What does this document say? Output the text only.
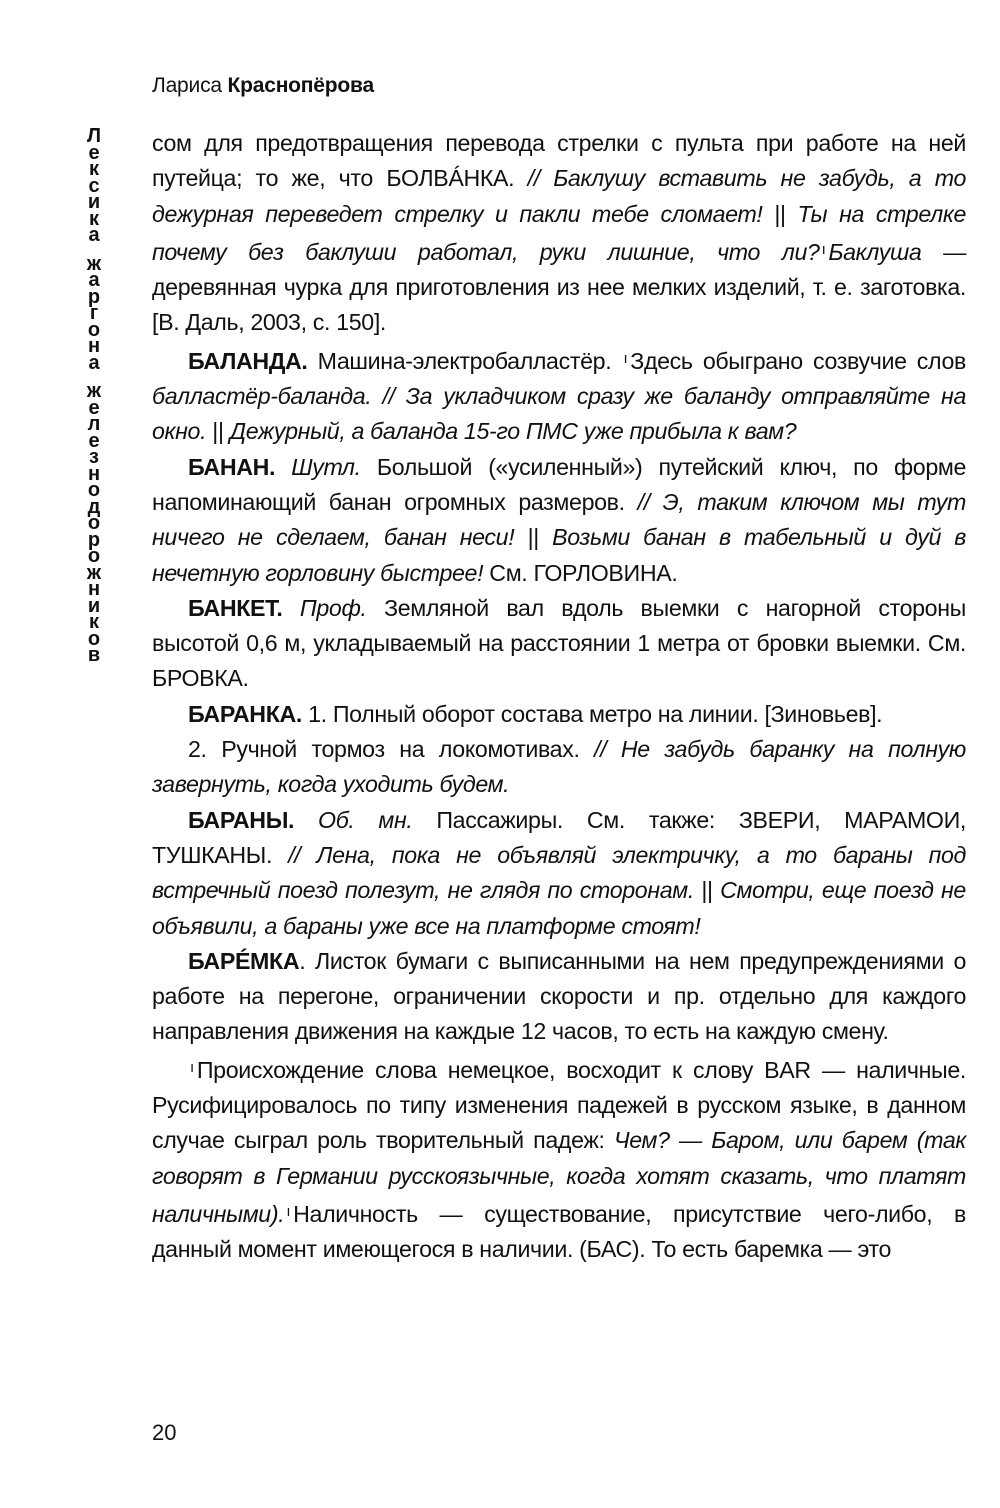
Лариса Краснопёрова
Л
е
к
с
и
к
а
ж
а
р
г
о
н
а
ж
е
л
е
з
н
о
д
о
р
о
ж
н
и
к
о
в

сом для предотвращения перевода стрелки с пульта при работе на ней путейца; то же, что БОЛВÁНКА. // Баклушу вставить не забудь, а то дежурная переведет стрелку и пакли тебе сломает! || Ты на стрелке почему без баклуши работал, руки лишние, что ли? $^ı$ Баклуша — деревянная чурка для приготовления из нее мелких изделий, т. е. заготовка. [В. Даль, 2003, с. 150].

БАЛАНДА. Машина-электробалластёр. $^ı$ Здесь обыграно созвучие слов балластёр-баланда. // За укладчиком сразу же баланду отправляйте на окно. || Дежурный, а баланда 15-го ПМС уже прибыла к вам?

БАНАН. Шутл. Большой («усиленный») путейский ключ, по форме напоминающий банан огромных размеров. // Э, таким ключом мы тут ничего не сделаем, банан неси! || Возьми банан в табельный и дуй в нечетную горловину быстрее! См. ГОРЛОВИНА.

БАНКЕТ. Проф. Земляной вал вдоль выемки с нагорной стороны высотой 0,6 м, укладываемый на расстоянии 1 метра от бровки выемки. См. БРОВКА.

БАРАНКА. 1. Полный оборот состава метро на линии. [Зиновьев].

2. Ручной тормоз на локомотивах. // Не забудь баранку на полную завернуть, когда уходить будем.

БАРАНЫ. Об. мн. Пассажиры. См. также: ЗВЕРИ, МАРАМОИ, ТУШКАНЫ. // Лена, пока не объявляй электричку, а то бараны под встречный поезд полезут, не глядя по сторонам. || Смотри, еще поезд не объявили, а бараны уже все на платформе стоят!

БАРÉМКА. Листок бумаги с выписанными на нем предупреждениями о работе на перегоне, ограничении скорости и пр. отдельно для каждого направления движения на каждые 12 часов, то есть на каждую смену.

$^ı$ Происхождение слова немецкое, восходит к слову BAR — наличные. Русифицировалось по типу изменения падежей в русском языке, в данном случае сыграл роль творительный падеж: Чем? — Баром, или барем (так говорят в Германии русскоязычные, когда хотят сказать, что платят наличными). $^ı$ Наличность — существование, присутствие чего-либо, в данный момент имеющегося в наличии. (БАС). То есть баремка — это

20
